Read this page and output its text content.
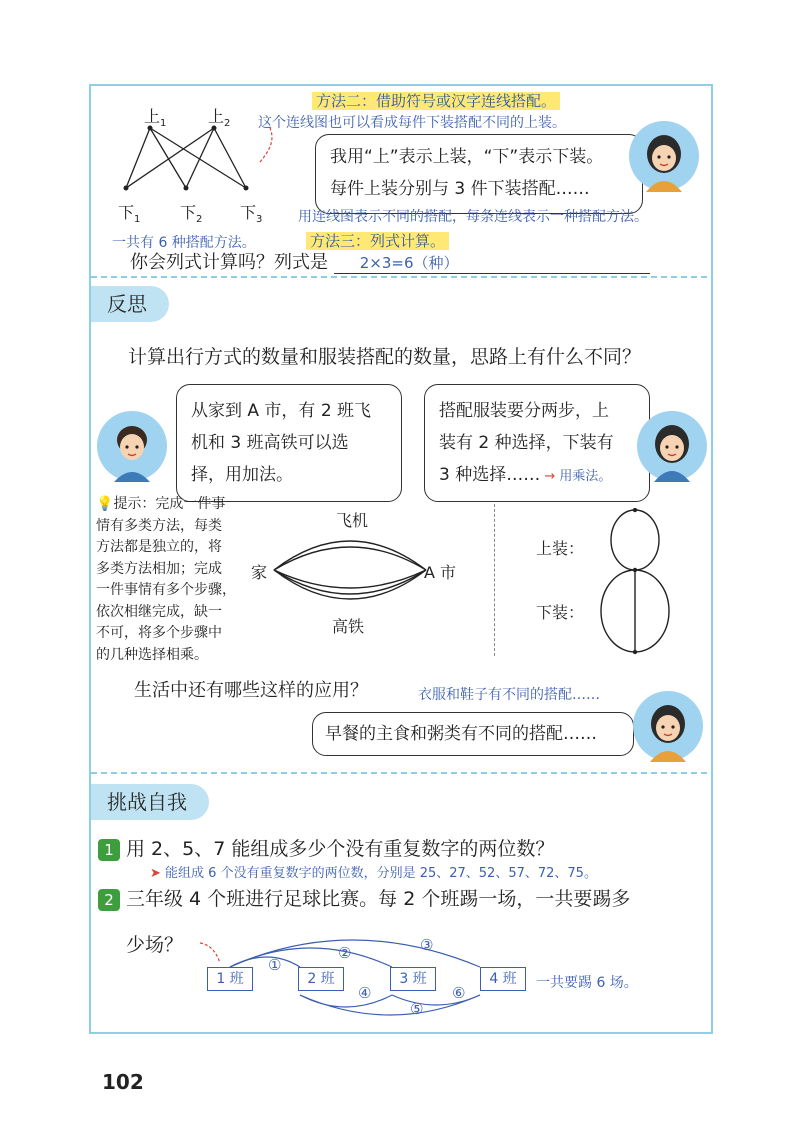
方法二：借助符号或汉字连线搭配。
这个连线图也可以看成每件下装搭配不同的上装。
上$_1$	上$_2$
下$_1$ 下$_2$ 下$_3$
我用“上”表示上装，“下”表示下装。
每件上装分别与 3 件下装搭配……
用连线图表示不同的搭配，每条连线表示一种搭配方法。
一共有 6 种搭配方法。	方法三：列式计算。
你会列式计算吗？列式是 2×3=6（种）
反思
计算出行方式的数量和服装搭配的数量，思路上有什么不同？
从家到 A 市，有 2 班飞
机和 3 班高铁可以选
择，用加法。
搭配服装要分两步，上
装有 2 种选择，下装有
3 种选择…… → 用乘法。
💡提示：完成一件事
情有多类方法，每类
方法都是独立的，将
多类方法相加；完成
一件事情有多个步骤，
依次相继完成，缺一
不可，将多个步骤中
的几种选择相乘。
飞机
高铁
家	A 市
上装：
下装：
生活中还有哪些这样的应用？	衣服和鞋子有不同的搭配……
早餐的主食和粥类有不同的搭配……
挑战自我
1 用 2、5、7 能组成多少个没有重复数字的两位数？
➤ 能组成 6 个没有重复数字的两位数，分别是 25、27、52、57、72、75。
2 三年级 4 个班进行足球比赛。每 2 个班踢一场，一共要踢多
少场？
1 班	2 班	3 班	4 班
①
②	③
④
⑤
⑥
一共要踢 6 场。
102
